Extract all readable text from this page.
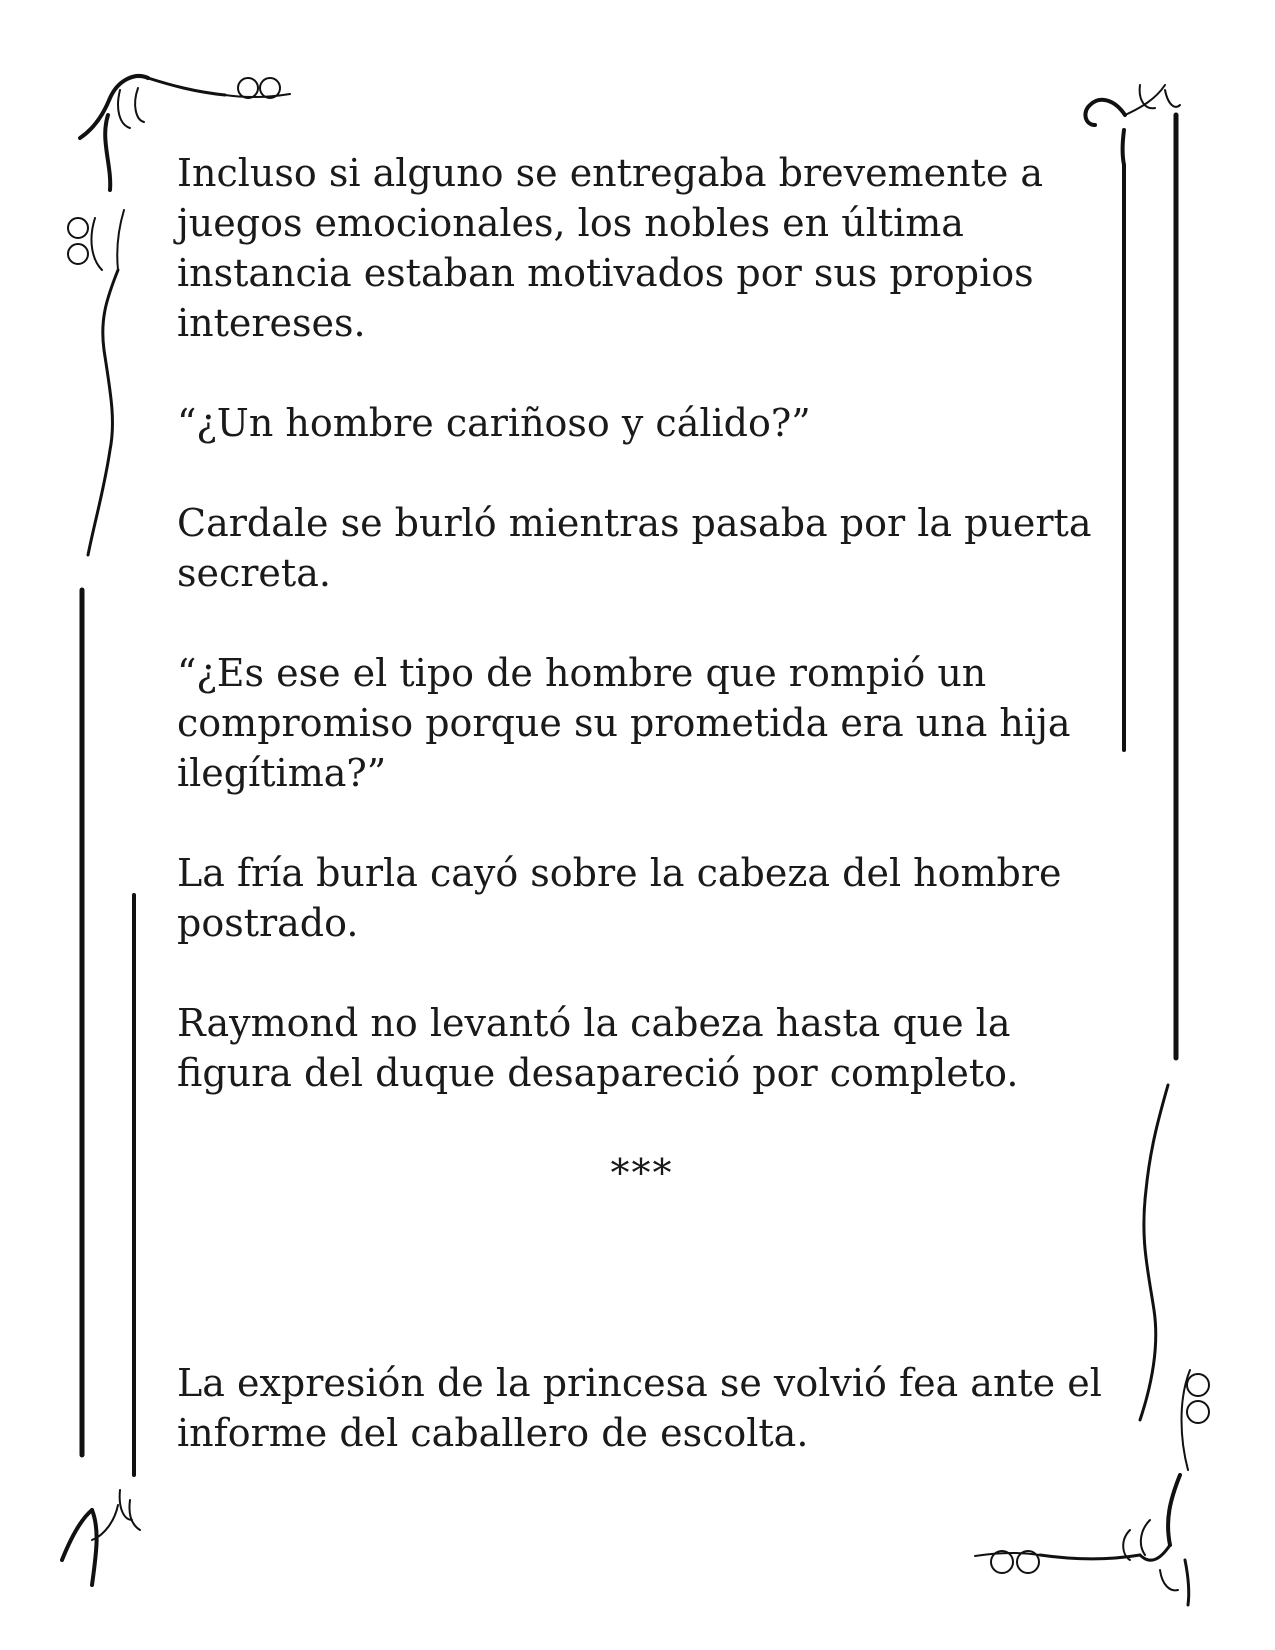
Incluso si alguno se entregaba brevemente a juegos emocionales, los nobles en última instancia estaban motivados por sus propios intereses.

“¿Un hombre cariñoso y cálido?”

Cardale se burló mientras pasaba por la puerta secreta.

“¿Es ese el tipo de hombre que rompió un compromiso porque su prometida era una hija ilegítima?”

La fría burla cayó sobre la cabeza del hombre postrado.

Raymond no levantó la cabeza hasta que la figura del duque desapareció por completo.

***

La expresión de la princesa se volvió fea ante el informe del caballero de escolta.
